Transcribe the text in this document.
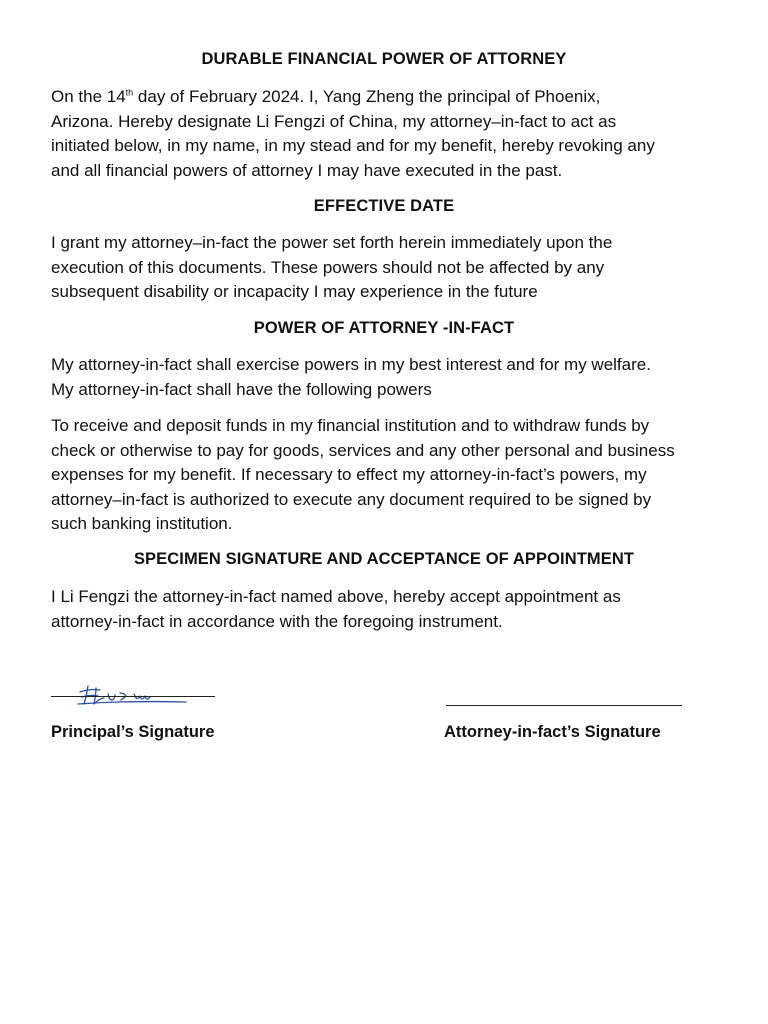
DURABLE FINANCIAL POWER OF ATTORNEY
On the 14th day of February 2024. I, Yang Zheng the principal of Phoenix,
Arizona. Hereby designate Li Fengzi of China, my attorney–in-fact to act as
initiated below, in my name, in my stead and for my benefit, hereby revoking any
and all financial powers of attorney I may have executed in the past.
EFFECTIVE DATE
I grant my attorney–in-fact the power set forth herein immediately upon the
execution of this documents. These powers should not be affected by any
subsequent disability or incapacity I may experience in the future
POWER OF ATTORNEY -IN-FACT
My attorney-in-fact shall exercise powers in my best interest and for my welfare.
My attorney-in-fact shall have the following powers
To receive and deposit funds in my financial institution and to withdraw funds by
check or otherwise to pay for goods, services and any other personal and business
expenses for my benefit. If necessary to effect my attorney-in-fact’s powers, my
attorney–in-fact is authorized to execute any document required to be signed by
such banking institution.
SPECIMEN SIGNATURE AND ACCEPTANCE OF APPOINTMENT
I Li Fengzi the attorney-in-fact named above, hereby accept appointment as
attorney-in-fact in accordance with the foregoing instrument.
Principal’s Signature	Attorney-in-fact’s Signature
